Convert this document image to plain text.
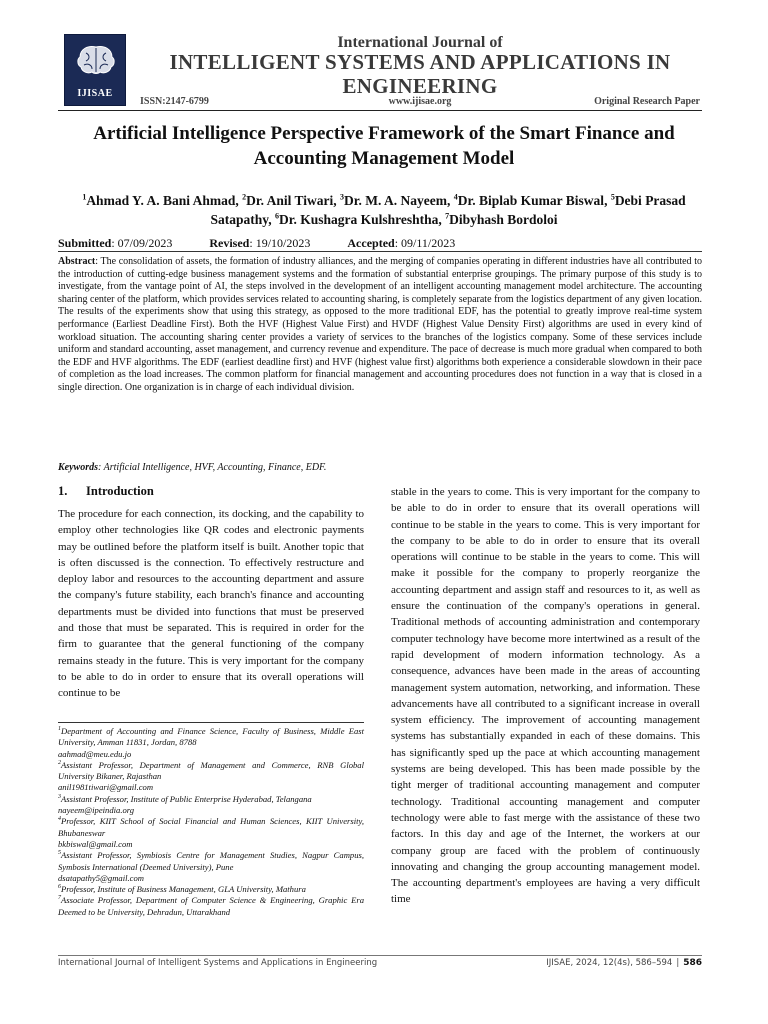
IJISAE
International Journal of
INTELLIGENT SYSTEMS AND APPLICATIONS IN ENGINEERING
ISSN:2147-6799	www.ijisae.org	Original Research Paper
Artificial Intelligence Perspective Framework of the Smart Finance and Accounting Management Model
$^1$Ahmad Y. A. Bani Ahmad, $^2$Dr. Anil Tiwari, $^3$Dr. M. A. Nayeem, $^4$Dr. Biplab Kumar Biswal, $^5$Debi Prasad Satapathy, $^6$Dr. Kushagra Kulshreshtha, $^7$Dibyhash Bordoloi
Submitted: 07/09/2023	Revised: 19/10/2023	Accepted: 09/11/2023
Abstract: The consolidation of assets, the formation of industry alliances, and the merging of companies operating in different industries have all contributed to the introduction of cutting-edge business management systems and the formation of substantial enterprise groupings. The primary purpose of this study is to investigate, from the vantage point of AI, the steps involved in the development of an intelligent accounting management model architecture. The accounting sharing center of the platform, which provides services related to accounting sharing, is completely separate from the logistics department of any given location. The results of the experiments show that using this strategy, as opposed to the more traditional EDF, has the potential to greatly improve real-time system performance (Earliest Deadline First). Both the HVF (Highest Value First) and HVDF (Highest Value Density First) algorithms are used in every kind of workload situation. The accounting sharing center provides a variety of services to the branches of the logistics company. Some of these services include uniform and standard accounting, asset management, and currency revenue and expenditure. The pace of decrease is much more gradual when compared to both the EDF and HVF algorithms. The EDF (earliest deadline first) and HVF (highest value first) algorithms both experience a considerable slowdown in their pace of completion as the load increases. The common platform for financial management and accounting procedures does not function in a way that is closed in a single direction. One organization is in charge of each individual division.
Keywords: Artificial Intelligence, HVF, Accounting, Finance, EDF.
1. Introduction

The procedure for each connection, its docking, and the capability to employ other technologies like QR codes and electronic payments may be outlined before the platform itself is built. Another topic that is often discussed is the connection. To effectively restructure and deploy labor and resources to the accounting department and assure the company's future stability, each branch's finance and accounting departments must be divided into functions that must be preserved and those that must be separated. This is required in order for the firm to guarantee that the general functioning of the company remains steady in the future. This is very important for the company to be able to do in order to ensure that its overall operations will continue to be

stable in the years to come. This is very important for the company to be able to do in order to ensure that its overall operations will continue to be stable in the years to come. This is very important for the company to be able to do in order to ensure that its overall operations will continue to be stable in the years to come. This will make it possible for the company to properly reorganize the accounting department and assign staff and resources to it, as well as ensure the continuation of the company's operations in general. Traditional methods of accounting administration and contemporary computer technology have become more intertwined as a result of the rapid development of modern information technology. As a consequence, advances have been made in the areas of accounting management system automation, networking, and information. These advancements have all contributed to a significant increase in overall system efficiency. The improvement of accounting management systems has substantially expanded in each of these domains. This has significantly sped up the pace at which accounting management systems are being developed. This has been made possible by the tight merger of traditional accounting management and computer technology. Traditional accounting management and computer technology were able to fast merge with the assistance of these two factors. In this day and age of the Internet, the workers at our company group are faced with the problem of continuously innovating and changing the group accounting management model. The accounting department's employees are having a very difficult time

$^1$Department of Accounting and Finance Science, Faculty of Business, Middle East University, Amman 11831, Jordan, 8788

aahmad@meu.edu.jo

$^2$Assistant Professor, Department of Management and Commerce, RNB Global University Bikaner, Rajasthan

anil1981tiwari@gmail.com

$^3$Assistant Professor, Institute of Public Enterprise Hyderabad, Telangana

nayeem@ipeindia.org

$^4$Professor, KIIT School of Social Financial and Human Sciences, KIIT University, Bhubaneswar

bkbiswal@gmail.com

$^5$Assistant Professor, Symbiosis Centre for Management Studies, Nagpur Campus, Symbosis International (Deemed University), Pune

dsatapathy5@gmail.com

$^6$Professor, Institute of Business Management, GLA University, Mathura

$^7$Associate Professor, Department of Computer Science & Engineering, Graphic Era Deemed to be University, Dehradun, Uttarakhand

International Journal of Intelligent Systems and Applications in Engineering	IJISAE, 2024, 12(4s), 586–594 | 586
